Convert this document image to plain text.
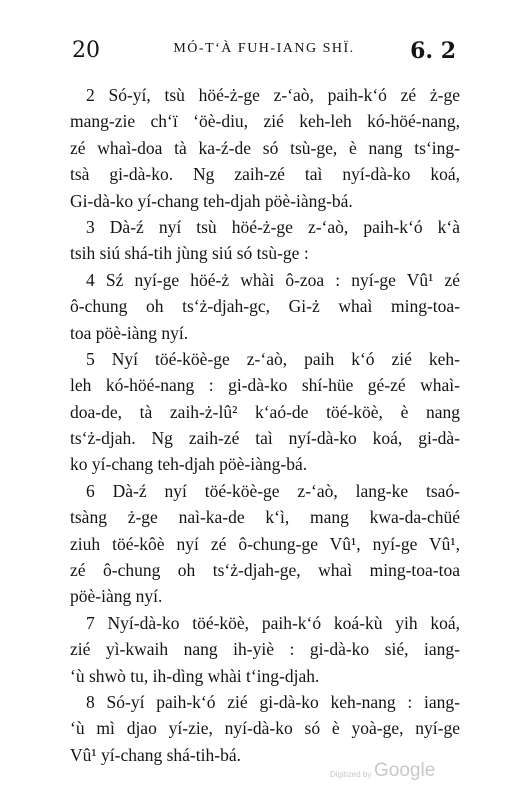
20	MÓ-T‘À FUH-IANG SHÏ.	6. 2
2 Só-yí, tsù höé-ż-ge z-‘aò, paih-k‘ó zé ż-ge
mang-zie ch‘ï ‘öè-diu, zié keh-leh kó-höé-nang,
zé whaì-doa tà ka-ź-de só tsù-ge, è nang ts‘ing-
tsà gi-dà-ko. Ng zaih-zé taì nyí-dà-ko koá,
Gi-dà-ko yí-chang teh-djah pöè-iàng-bá.
3 Dà-ź nyí tsù höé-ż-ge z-‘aò, paih-k‘ó k‘à
tsih siú shá-tih jùng siú só tsù-ge :
4 Sź nyí-ge höé-ż whài ô-zoa : nyí-ge Vû¹ zé
ô-chung oh ts‘ż-djah-gc, Gi-ż whaì ming-toa-
toa pöè-iàng nyí.
5 Nyí töé-köè-ge z-‘aò, paih k‘ó zié keh-
leh kó-höé-nang : gi-dà-ko shí-hüe gé-zé whaì-
doa-de, tà zaih-ż-lû² k‘aó-de töé-köè, è nang
ts‘ż-djah. Ng zaih-zé taì nyí-dà-ko koá, gi-dà-
ko yí-chang teh-djah pöè-iàng-bá.
6 Dà-ź nyí töé-köè-ge z-‘aò, lang-ke tsaó-
tsàng ż-ge naì-ka-de k‘ì, mang kwa-da-chüé
ziuh töé-kôè nyí zé ô-chung-ge Vû¹, nyí-ge Vû¹,
zé ô-chung oh ts‘ż-djah-ge, whaì ming-toa-toa
pöè-iàng nyí.
7 Nyí-dà-ko töé-köè, paih-k‘ó koá-kù yih koá,
zié yì-kwaih nang ih-yiè : gi-dà-ko sié, iang-
‘ù shwò tu, ih-dìng whài t‘ing-djah.
8 Só-yí paih-k‘ó zié gi-dà-ko keh-nang : iang-
‘ù mì djao yí-zie, nyí-dà-ko só è yoà-ge, nyí-ge
Vû¹ yí-chang shá-tih-bá.
Digitized by Google
